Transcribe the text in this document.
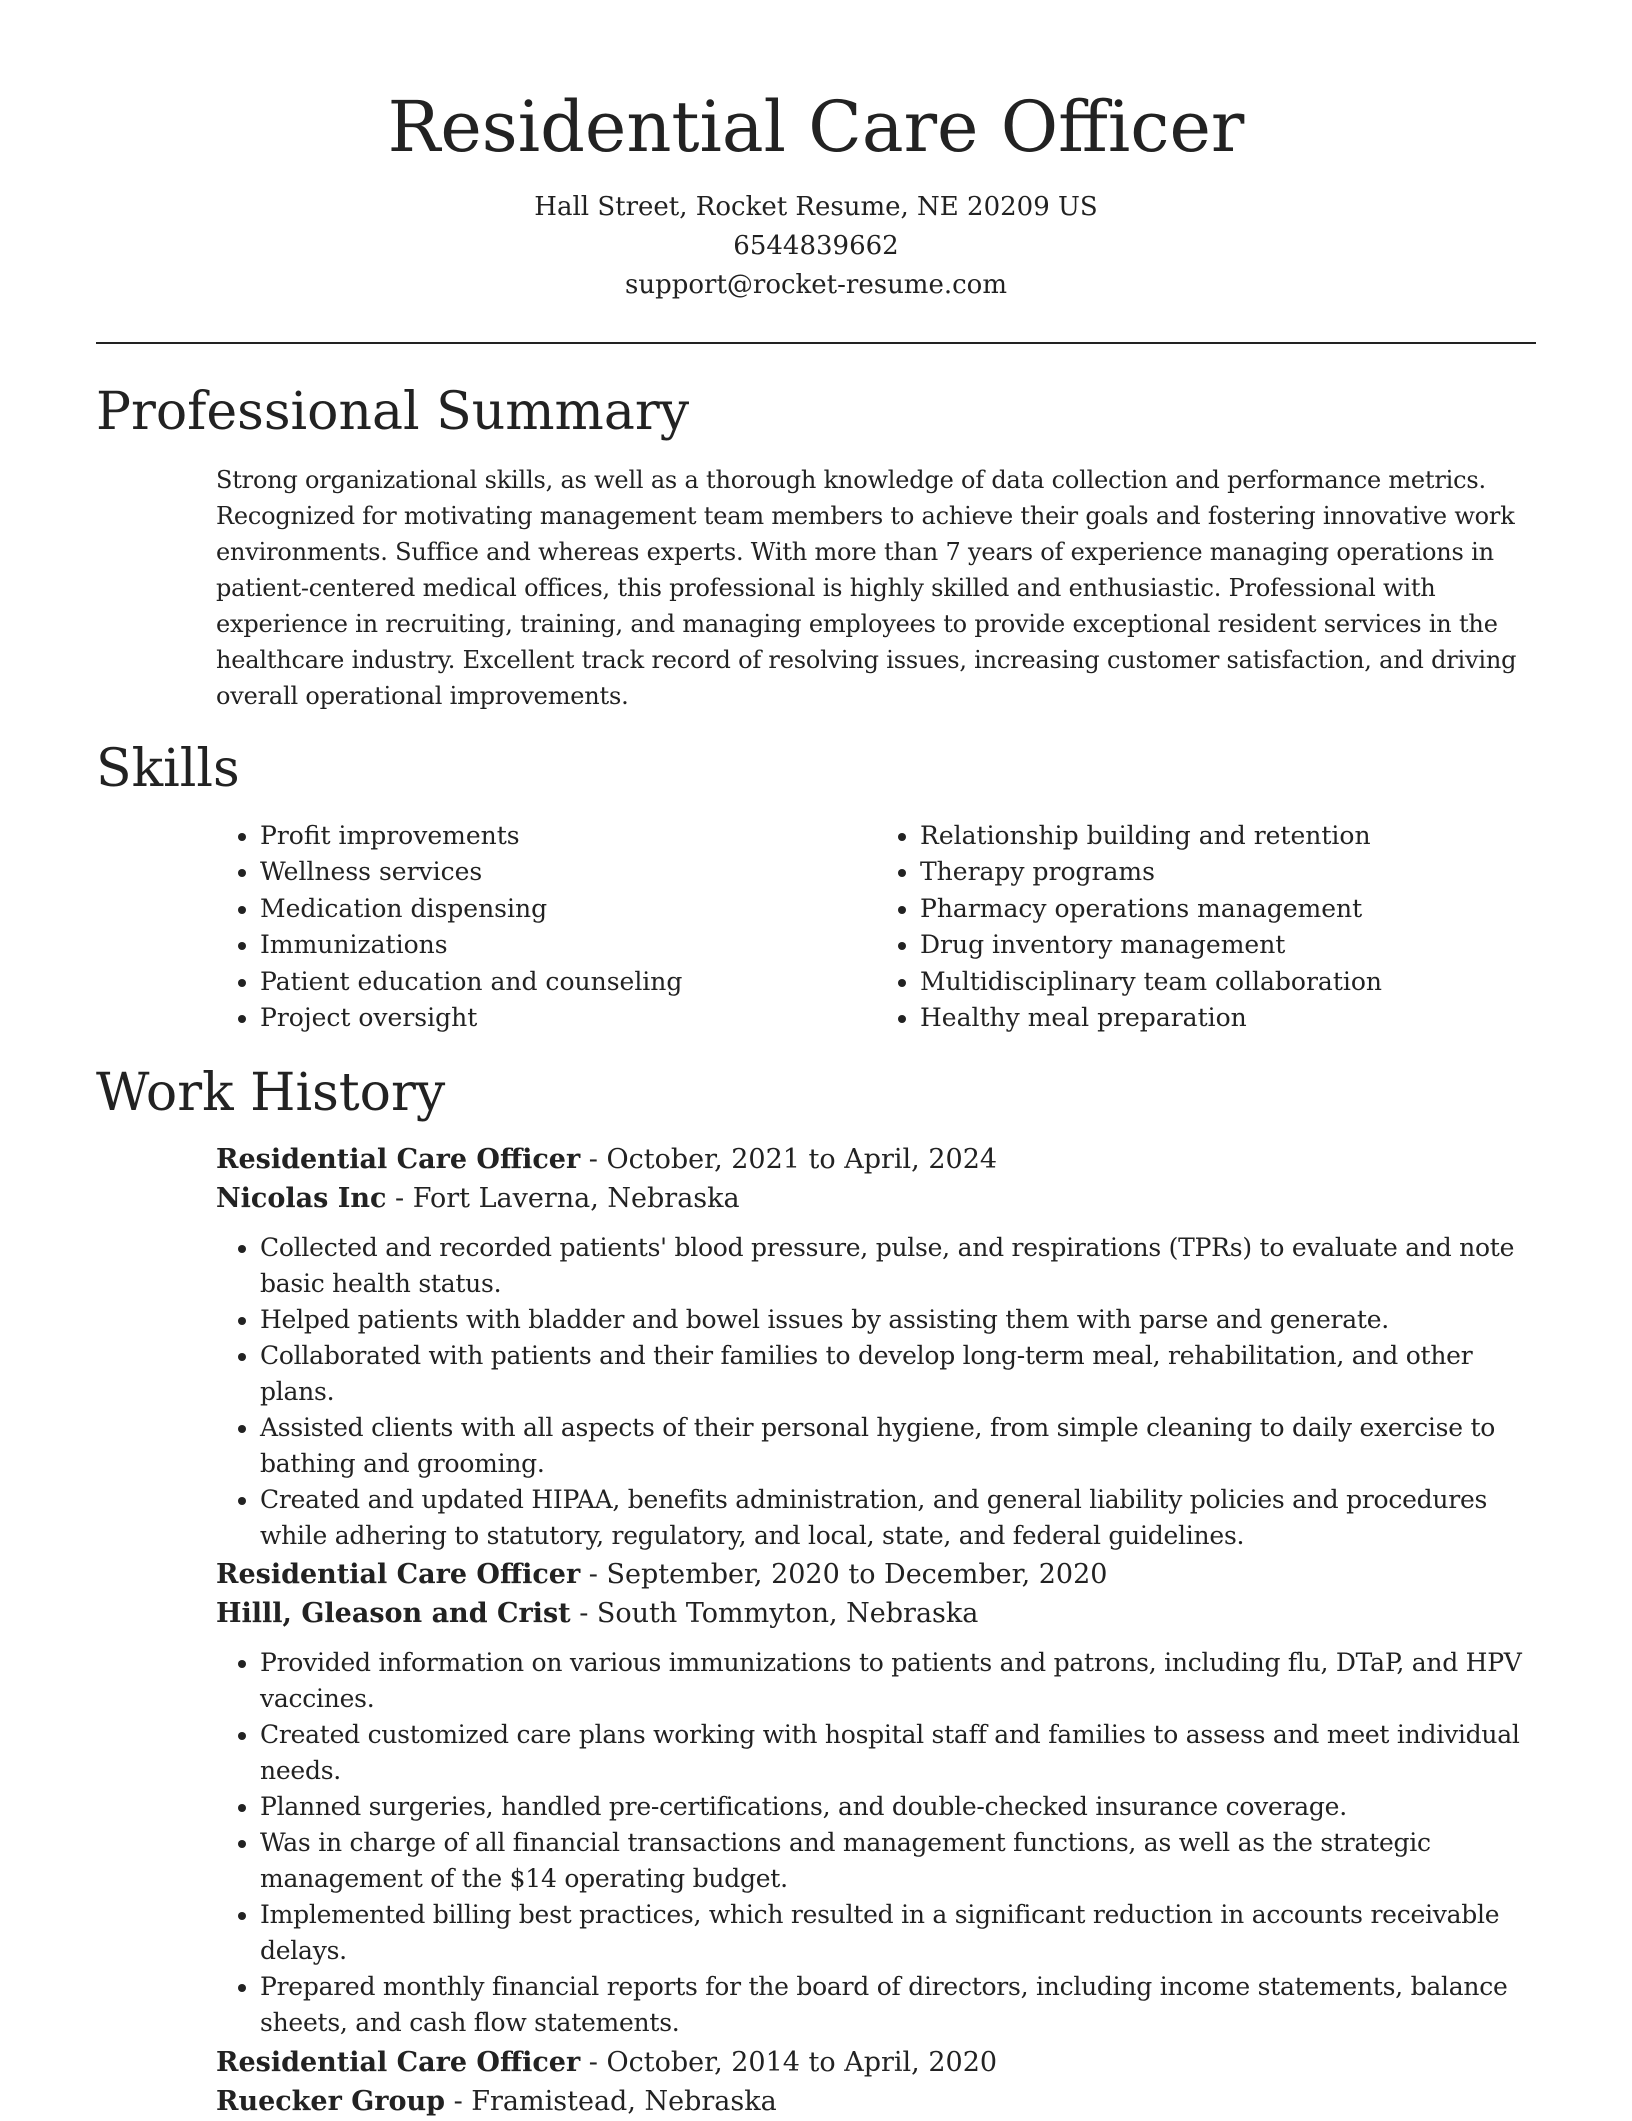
Residential Care Officer

Hall Street, Rocket Resume, NE 20209 US

6544839662

support@rocket-resume.com

Professional Summary

Strong organizational skills, as well as a thorough knowledge of data collection and performance metrics. Recognized for motivating management team members to achieve their goals and fostering innovative work environments. Suffice and whereas experts. With more than 7 years of experience managing operations in patient-centered medical offices, this professional is highly skilled and enthusiastic. Professional with experience in recruiting, training, and managing employees to provide exceptional resident services in the healthcare industry. Excellent track record of resolving issues, increasing customer satisfaction, and driving overall operational improvements.

Skills
• Profit improvements
• Wellness services
• Medication dispensing
• Immunizations
• Patient education and counseling
• Project oversight
• Relationship building and retention
• Therapy programs
• Pharmacy operations management
• Drug inventory management
• Multidisciplinary team collaboration
• Healthy meal preparation
Work History

Residential Care Officer - October, 2021 to April, 2024

Nicolas Inc - Fort Laverna, Nebraska

• Collected and recorded patients' blood pressure, pulse, and respirations (TPRs) to evaluate and note basic health status.
• Helped patients with bladder and bowel issues by assisting them with parse and generate.
• Collaborated with patients and their families to develop long-term meal, rehabilitation, and other plans.
• Assisted clients with all aspects of their personal hygiene, from simple cleaning to daily exercise to bathing and grooming.
• Created and updated HIPAA, benefits administration, and general liability policies and procedures while adhering to statutory, regulatory, and local, state, and federal guidelines.

Residential Care Officer - September, 2020 to December, 2020

Hilll, Gleason and Crist - South Tommyton, Nebraska

• Provided information on various immunizations to patients and patrons, including flu, DTaP, and HPV vaccines.
• Created customized care plans working with hospital staff and families to assess and meet individual needs.
• Planned surgeries, handled pre-certifications, and double-checked insurance coverage.
• Was in charge of all financial transactions and management functions, as well as the strategic management of the $14 operating budget.
• Implemented billing best practices, which resulted in a significant reduction in accounts receivable delays.
• Prepared monthly financial reports for the board of directors, including income statements, balance sheets, and cash flow statements.

Residential Care Officer - October, 2014 to April, 2020

Ruecker Group - Framistead, Nebraska
